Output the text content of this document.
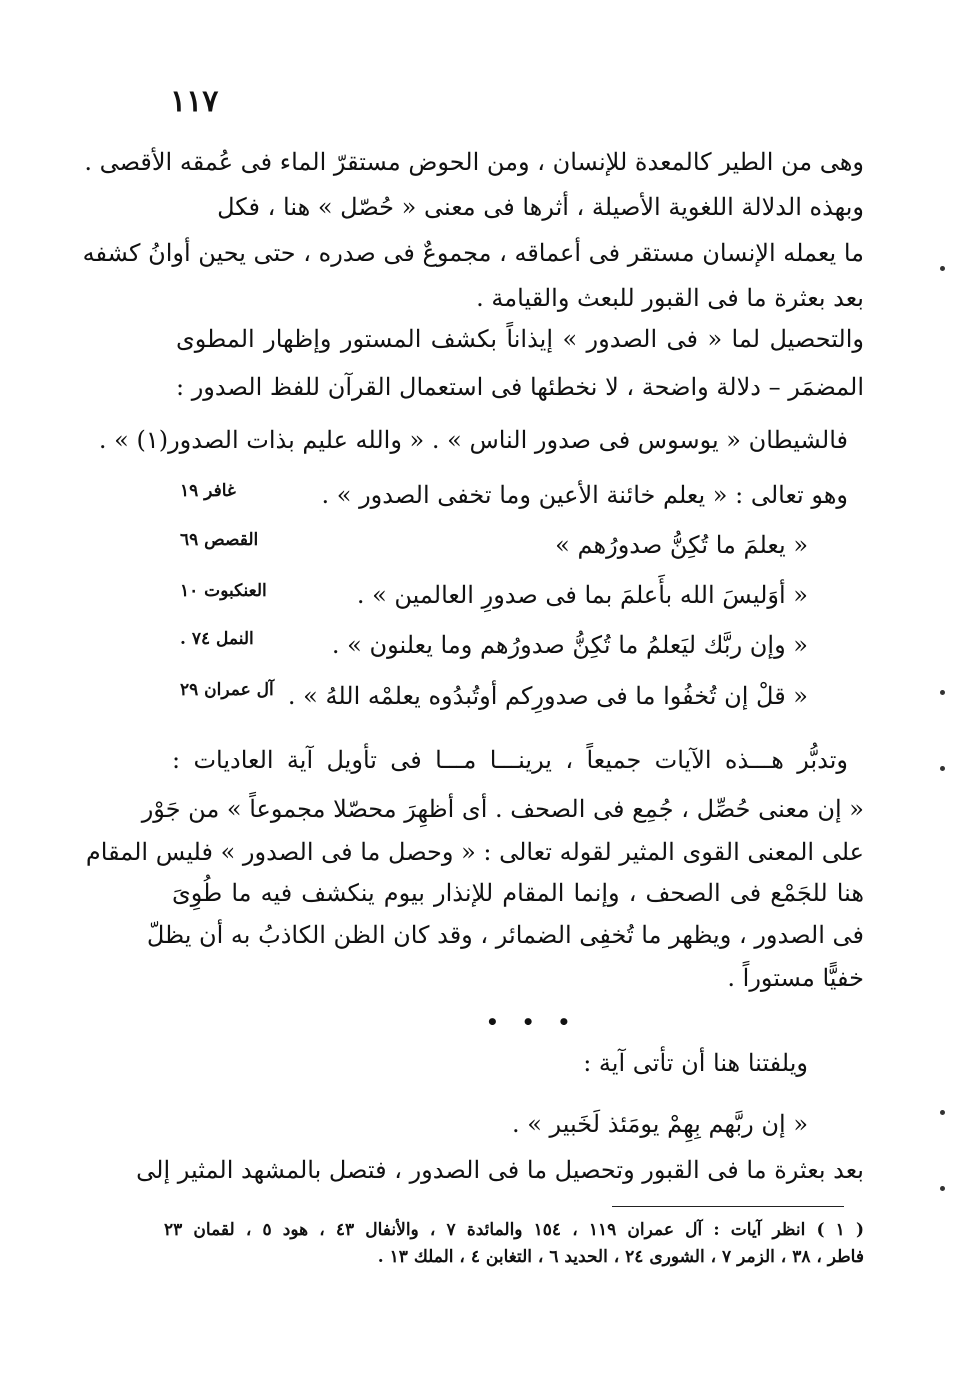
١١٧
وهى من الطير كالمعدة للإنسان ، ومن الحوض مستقرّ الماء فى عُمقه الأقصى .
وبهذه الدلالة اللغوية الأصيلة ، أثرها فى معنى « حُصّل » هنا ، فكل
ما يعمله الإنسان مستقر فى أعماقه ، مجموعٌ فى صدره ، حتى يحين أوانُ كشفه
بعد بعثرة ما فى القبور للبعث والقيامة .
والتحصيل لما « فى الصدور » إيذاناً بكشف المستور وإظهار المطوى
المضمَر – دلالة واضحة ، لا نخطئها فى استعمال القرآن للفظ الصدور :
فالشيطان « يوسوس فى صدور الناس » . « والله عليم بذات الصدور(١) » .
وهو تعالى : « يعلم خائنة الأعين وما تخفى الصدور » .
غافر ١٩
« يعلمَ ما تُكِنُّ صدورُهم »
القصص ٦٩
« أوَليسَ الله بأَعلمَ بما فى صدورِ العالمين » .
العنكبوت ١٠
« وإن ربَّك ليَعلمُ ما تُكِنُّ صدورُهم وما يعلنون » .
النمل ٧٤ .
« قلْ إن تُخفُوا ما فى صدورِكم أوتُبدُوه يعلمْه اللهُ » .
آل عمران ٢٩
وتدبُّر هـــذه الآيات جميعاً ، يرينـــا مـــا فى تأويل آية العاديات :
« إن معنى حُصِّل ، جُمِع فى الصحف . أى أظهِرَ محصّلا مجموعاً » من جَوْر
على المعنى القوى المثير لقوله تعالى : « وحصل ما فى الصدور » فليس المقام
هنا للجَمْع فى الصحف ، وإنما المقام للإنذار بيوم ينكشف فيه ما طُوِىَ
فى الصدور ، ويظهر ما تُخفِى الضمائر ، وقد كان الظن الكاذبُ به أن يظلّ
خفيًّا مستوراً .
• • •
ويلفتنا هنا أن تأتى آية :
« إن ربَّهم بِهِمْ يومَئذ لَخَبير » .
بعد بعثرة ما فى القبور وتحصيل ما فى الصدور ، فتصل بالمشهد المثير إلى
( ١ ) انظر آيات : آل عمران ١١٩ ، ١٥٤ والمائدة ٧ ، والأنفال ٤٣ ، هود ٥ ، لقمان ٢٣
فاطر ، ٣٨ ، الزمر ٧ ، الشورى ٢٤ ، الحديد ٦ ، التغابن ٤ ، الملك ١٣ .
